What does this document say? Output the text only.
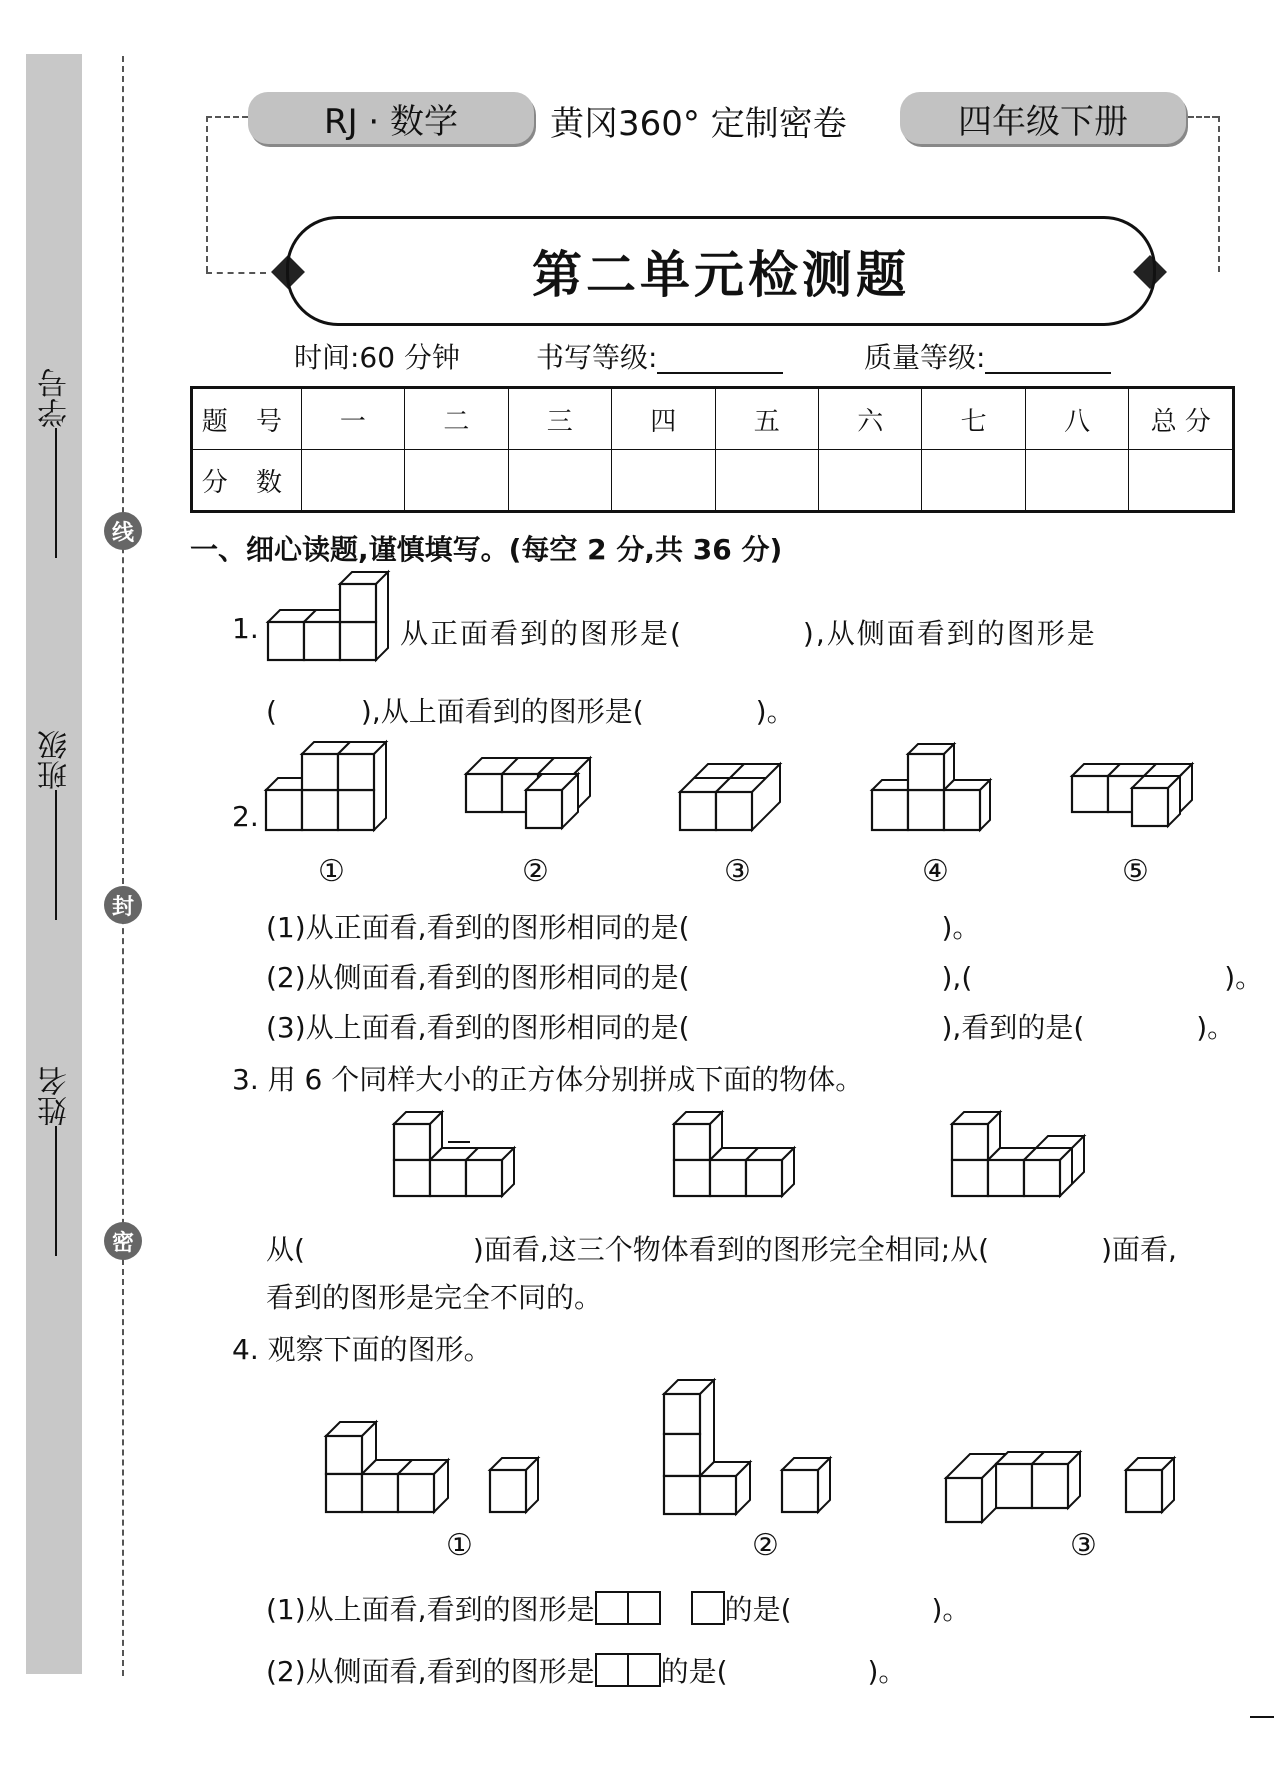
学号
班级
姓名
线
封
密
RJ · 数学	黄冈360° 定制密卷	四年级下册
第二单元检测题
时间:60 分钟	书写等级:	质量等级:
题 号	一	二	三	四	五	六	七	八	总 分
分 数									
一、细心读题,谨慎填写。(每空 2 分,共 36 分)
1.	从正面看到的图形是(　　　　),从侧面看到的图形是
(　　　),从上面看到的图形是(　　　　)。
2.
①	②	③	④	⑤
(1)从正面看,看到的图形相同的是(　　　　　　　　　)。
(2)从侧面看,看到的图形相同的是(　　　　　　　　　),(　　　　　　　　　)。
(3)从上面看,看到的图形相同的是(　　　　　　　　　),看到的是(　　　　)。
3. 用 6 个同样大小的正方体分别拼成下面的物体。
从(　　　　　　)面看,这三个物体看到的图形完全相同;从(　　　　)面看,
看到的图形是完全不同的。
4. 观察下面的图形。
①	②	③
(1)从上面看,看到的图形是	的是(　　　　　)。
(2)从侧面看,看到的图形是 的是(　　　　　)。
